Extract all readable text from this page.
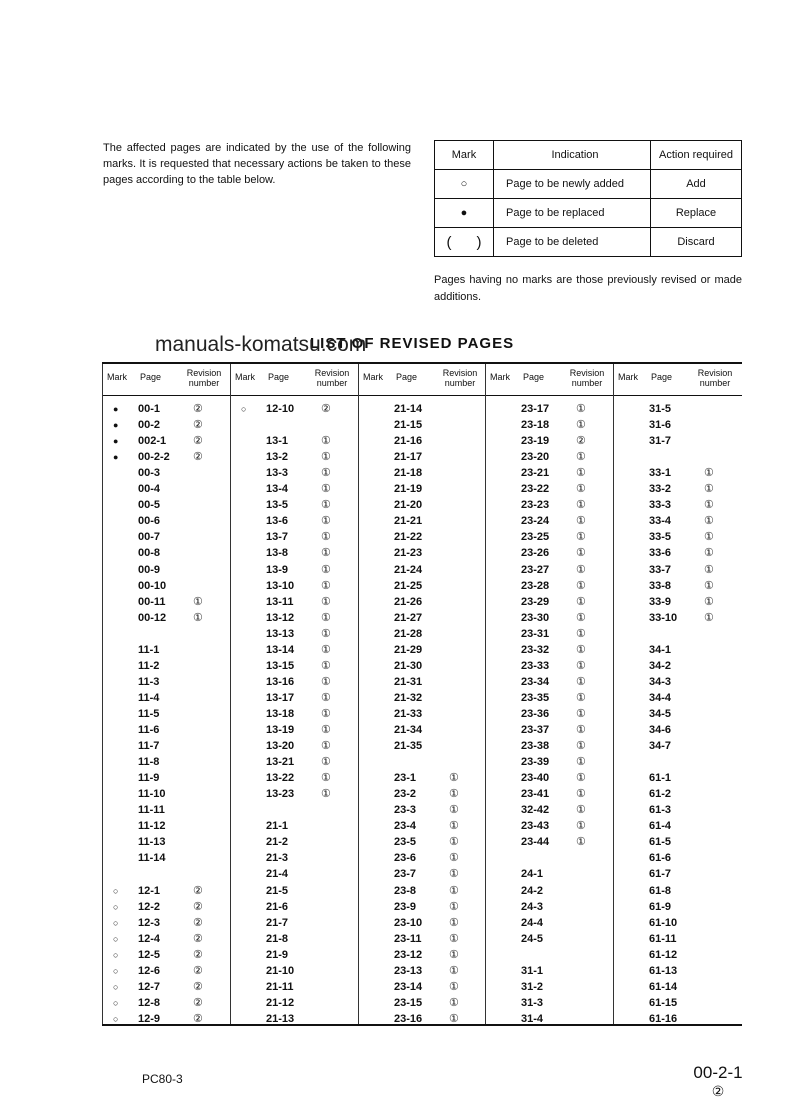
The affected pages are indicated by the use of the following marks. It is requested that necessary actions be taken to these pages according to the table below.
Mark	Indication	Action required
○	Page to be newly added	Add
●	Page to be replaced	Replace
(      )	Page to be deleted	Discard
Pages having no marks are those previously revised or made additions.
LIST OF REVISED PAGES
manuals-komatsu.com
Mark Page	Revision
number
● 00-1	②
● 00-2	②
● 002-1 ②
● 00-2-2 ②
00-3
00-4
00-5
00-6
00-7
00-8
00-9
00-10
00-11 ①
00-12 ①
11-1
11-2
11-3
11-4
11-5
11-6
11-7
11-8
11-9
11-10
11-11
11-12
11-13
11-14
○ 12-1	②
○ 12-2	②
○ 12-3	②
○ 12-4	②
○ 12-5	②
○ 12-6	②
○ 12-7	②
○ 12-8	②
○ 12-9	②
Mark Page	Revision
number
○ 12-10 ②
13-1	①
13-2	①
13-3	①
13-4	①
13-5	①
13-6	①
13-7	①
13-8	①
13-9	①
13-10 ①
13-11 ①
13-12 ①
13-13 ①
13-14 ①
13-15 ①
13-16 ①
13-17 ①
13-18 ①
13-19 ①
13-20 ①
13-21 ①
13-22 ①
13-23 ①
21-1
21-2
21-3
21-4
21-5
21-6
21-7
21-8
21-9
21-10
21-11
21-12
21-13
Mark Page	Revision
number
21-14
21-15
21-16
21-17
21-18
21-19
21-20
21-21
21-22
21-23
21-24
21-25
21-26
21-27
21-28
21-29
21-30
21-31
21-32
21-33
21-34
21-35
23-1	①
23-2	①
23-3	①
23-4	①
23-5	①
23-6	①
23-7	①
23-8	①
23-9	①
23-10 ①
23-11 ①
23-12 ①
23-13 ①
23-14 ①
23-15 ①
23-16 ①
Mark Page	Revision
number
23-17 ①
23-18 ①
23-19 ②
23-20 ①
23-21 ①
23-22 ①
23-23 ①
23-24 ①
23-25 ①
23-26 ①
23-27 ①
23-28 ①
23-29 ①
23-30 ①
23-31 ①
23-32 ①
23-33 ①
23-34 ①
23-35 ①
23-36 ①
23-37 ①
23-38 ①
23-39 ①
23-40 ①
23-41 ①
32-42 ①
23-43 ①
23-44 ①
24-1
24-2
24-3
24-4
24-5
31-1
31-2
31-3
31-4
Mark Page	Revision
number
31-5
31-6
31-7
33-1	①
33-2	①
33-3	①
33-4	①
33-5	①
33-6	①
33-7	①
33-8	①
33-9	①
33-10 ①
34-1
34-2
34-3
34-4
34-5
34-6
34-7
61-1
61-2
61-3
61-4
61-5
61-6
61-7
61-8
61-9
61-10
61-11
61-12
61-13
61-14
61-15
61-16
PC80-3	00-2-1
②
